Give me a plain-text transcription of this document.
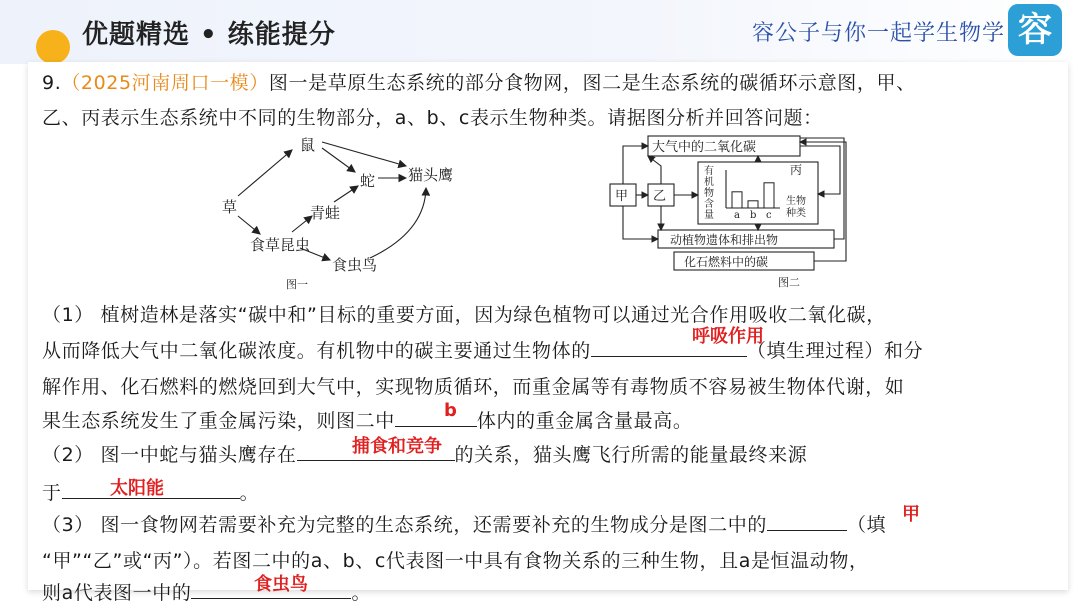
优题精选 • 练能提分	容公子与你一起学生物学 容
9.（2025河南周口一模）图一是草原生态系统的部分食物网，图二是生态系统的碳循环示意图，甲、
乙、丙表示生态系统中不同的生物部分，a、b、c表示生物种类。请据图分析并回答问题：
草
鼠
蛇 猫头鹰
青蛙
食草昆虫
食虫鸟
图一
a b c
大气中的二氧化碳
甲 乙
丙
有机物含量
生物种类
动植物遗体和排出物
化石燃料中的碳
图二
（1） 植树造林是落实“碳中和”目标的重要方面，因为绿色植物可以通过光合作用吸收二氧化碳，
从而降低大气中二氧化碳浓度。有机物中的碳主要通过生物体的	（填生理过程）和分
解作用、化石燃料的燃烧回到大气中，实现物质循环，而重金属等有毒物质不容易被生物体代谢，如
果生态系统发生了重金属污染，则图二中	体内的重金属含量最高。
（2） 图一中蛇与猫头鹰存在	的关系，猫头鹰飞行所需的能量最终来源
于	。
（3） 图一食物网若需要补充为完整的生态系统，还需要补充的生物成分是图二中的	（填
“甲”“乙”或“丙”）。若图二中的a、b、c代表图一中具有食物关系的三种生物，且a是恒温动物，
则a代表图一中的	。
呼吸作用
b
捕食和竞争
太阳能
甲
食虫鸟
